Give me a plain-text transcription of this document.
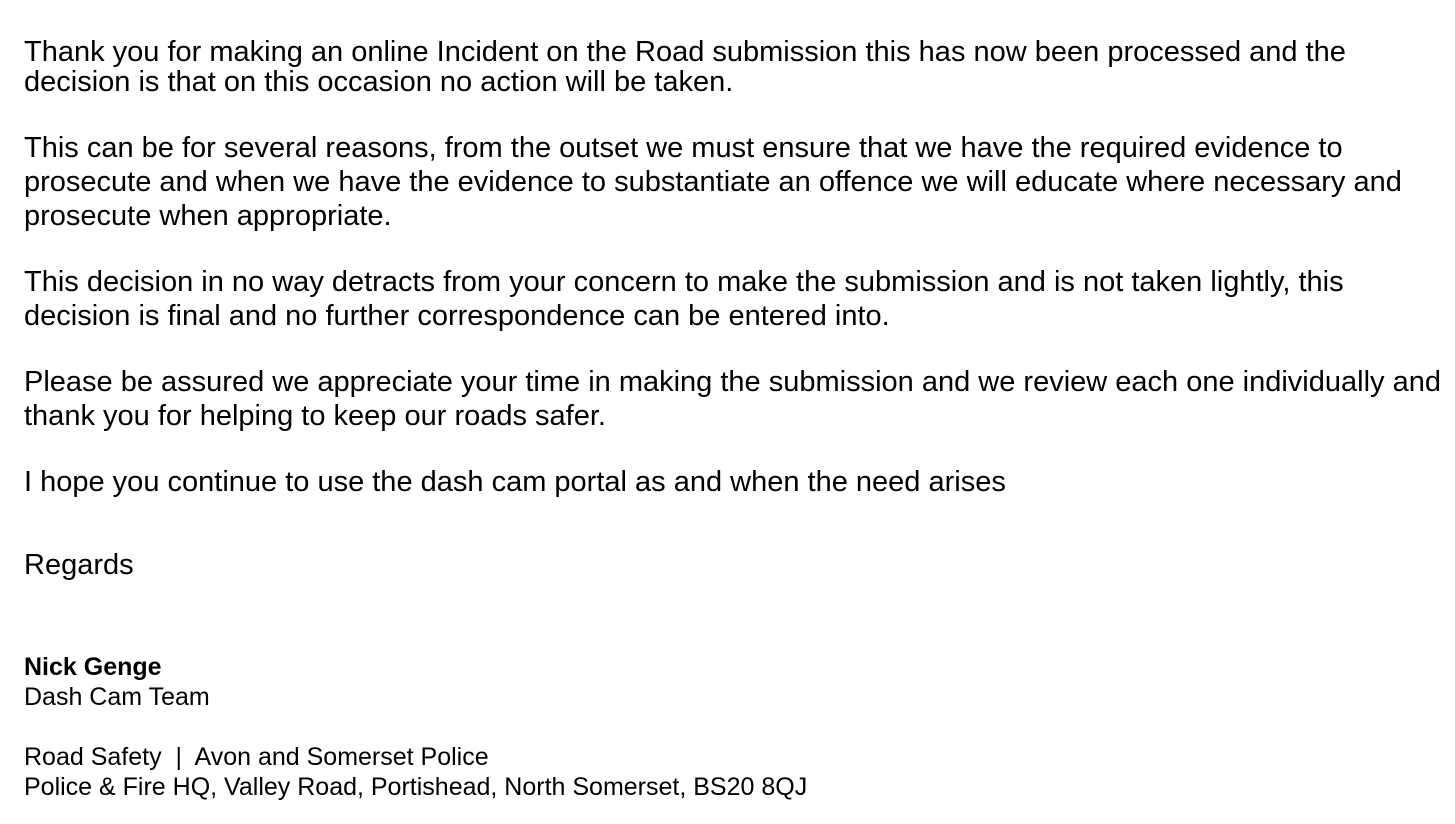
Thank you for making an online Incident on the Road submission this has now been processed and the decision is that on this occasion no action will be taken.

This can be for several reasons, from the outset we must ensure that we have the required evidence to prosecute and when we have the evidence to substantiate an offence we will educate where necessary and prosecute when appropriate.

This decision in no way detracts from your concern to make the submission and is not taken lightly, this decision is final and no further correspondence can be entered into.

Please be assured we appreciate your time in making the submission and we review each one individually and thank you for helping to keep our roads safer.

I hope you continue to use the dash cam portal as and when the need arises

Regards

Nick Genge

Dash Cam Team

Road Safety  |  Avon and Somerset Police

Police & Fire HQ, Valley Road, Portishead, North Somerset, BS20 8QJ
